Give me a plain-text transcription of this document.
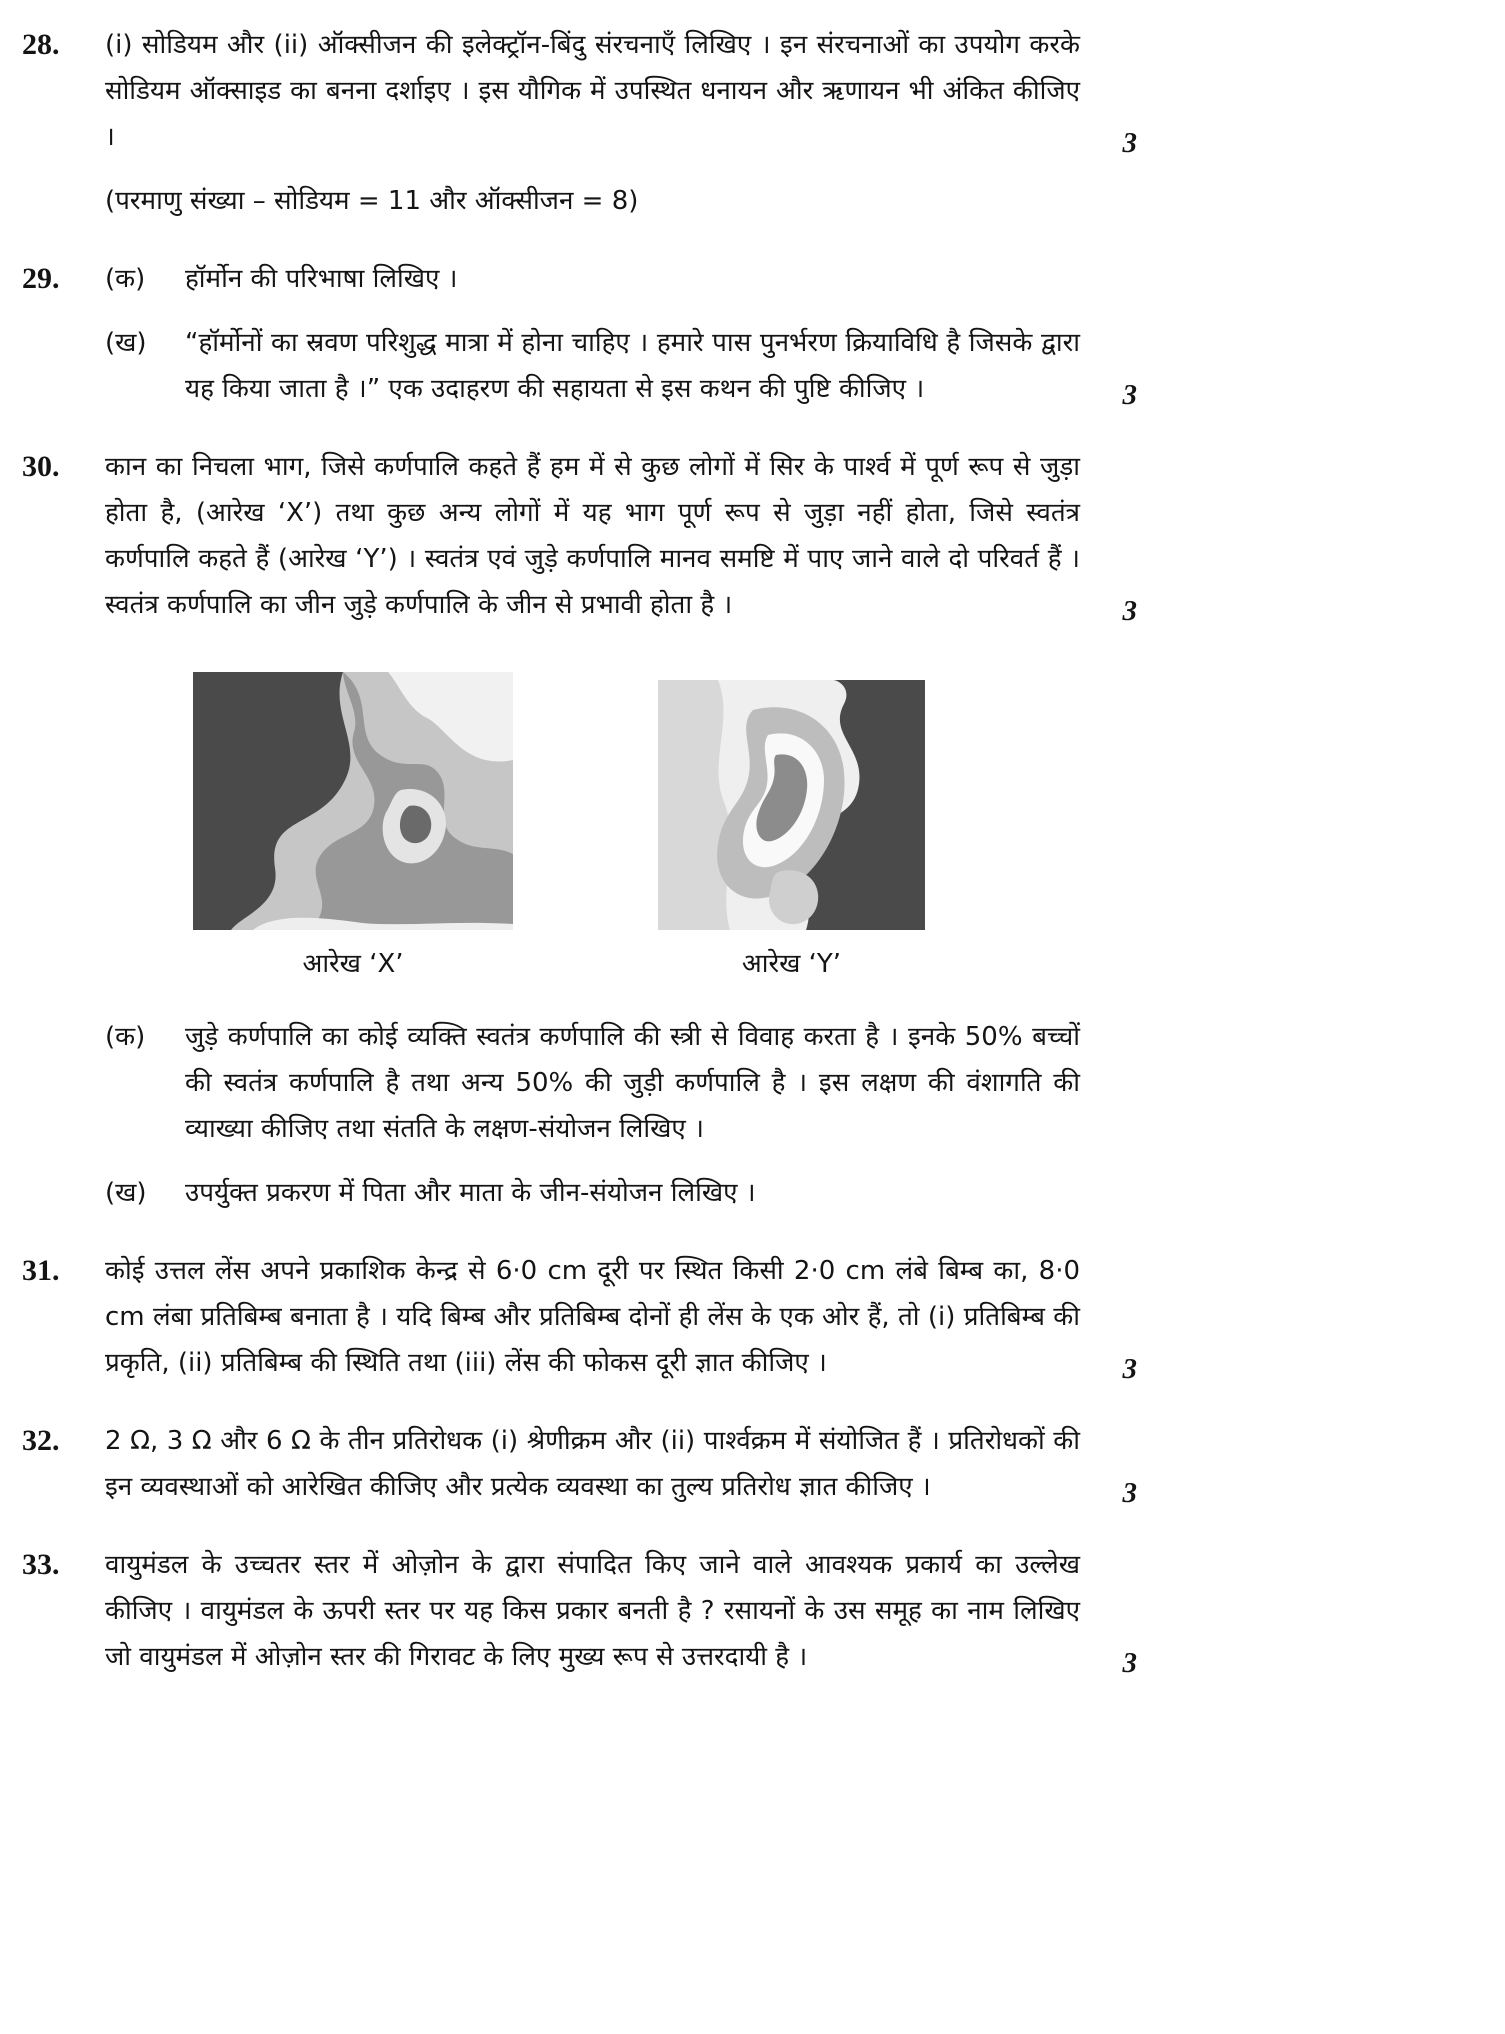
28.	(i) सोडियम और (ii) ऑक्सीजन की इलेक्ट्रॉन-बिंदु संरचनाएँ लिखिए । इन संरचनाओं का उपयोग करके सोडियम ऑक्साइड का बनना दर्शाइए । इस यौगिक में उपस्थित धनायन और ऋणायन भी अंकित कीजिए ।	3

(परमाणु संख्या – सोडियम = 11 और ऑक्सीजन = 8)

29.	(क)	हॉर्मोन की परिभाषा लिखिए ।

(ख)	“हॉर्मोनों का स्रवण परिशुद्ध मात्रा में होना चाहिए । हमारे पास पुनर्भरण क्रियाविधि है जिसके द्वारा यह किया जाता है ।” एक उदाहरण की सहायता से इस कथन की पुष्टि कीजिए ।	3
30.	कान का निचला भाग, जिसे कर्णपालि कहते हैं हम में से कुछ लोगों में सिर के पार्श्व में पूर्ण रूप से जुड़ा होता है, (आरेख ‘X’) तथा कुछ अन्य लोगों में यह भाग पूर्ण रूप से जुड़ा नहीं होता, जिसे स्वतंत्र कर्णपालि कहते हैं (आरेख ‘Y’) । स्वतंत्र एवं जुड़े कर्णपालि मानव समष्टि में पाए जाने वाले दो परिवर्त हैं । स्वतंत्र कर्णपालि का जीन जुड़े कर्णपालि के जीन से प्रभावी होता है ।	3
आरेख ‘X’	आरेख ‘Y’
(क)	जुड़े कर्णपालि का कोई व्यक्ति स्वतंत्र कर्णपालि की स्त्री से विवाह करता है । इनके 50% बच्चों की स्वतंत्र कर्णपालि है तथा अन्य 50% की जुड़ी कर्णपालि है । इस लक्षण की वंशागति की व्याख्या कीजिए तथा संतति के लक्षण-संयोजन लिखिए ।

(ख)	उपर्युक्त प्रकरण में पिता और माता के जीन-संयोजन लिखिए ।

31.	कोई उत्तल लेंस अपने प्रकाशिक केन्द्र से 6·0 cm दूरी पर स्थित किसी 2·0 cm लंबे बिम्ब का, 8·0 cm लंबा प्रतिबिम्ब बनाता है । यदि बिम्ब और प्रतिबिम्ब दोनों ही लेंस के एक ओर हैं, तो (i) प्रतिबिम्ब की प्रकृति, (ii) प्रतिबिम्ब की स्थिति तथा (iii) लेंस की फोकस दूरी ज्ञात कीजिए ।	3
32.	2 Ω, 3 Ω और 6 Ω के तीन प्रतिरोधक (i) श्रेणीक्रम और (ii) पार्श्वक्रम में संयोजित हैं । प्रतिरोधकों की इन व्यवस्थाओं को आरेखित कीजिए और प्रत्येक व्यवस्था का तुल्य प्रतिरोध ज्ञात कीजिए ।	3
33.	वायुमंडल के उच्चतर स्तर में ओज़ोन के द्वारा संपादित किए जाने वाले आवश्यक प्रकार्य का उल्लेख कीजिए । वायुमंडल के ऊपरी स्तर पर यह किस प्रकार बनती है ? रसायनों के उस समूह का नाम लिखिए जो वायुमंडल में ओज़ोन स्तर की गिरावट के लिए मुख्य रूप से उत्तरदायी है ।	3
